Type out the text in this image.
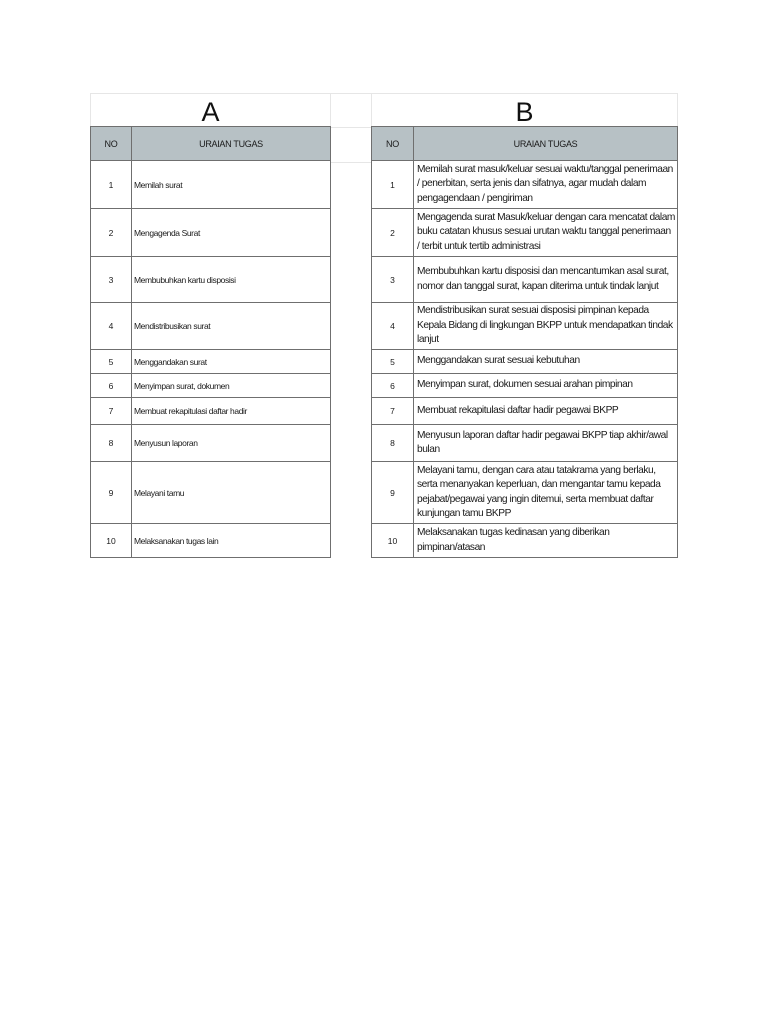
A
NO	URAIAN TUGAS
1	Memilah surat
2	Mengagenda Surat
3	Membubuhkan kartu disposisi
4	Mendistribusikan surat
5	Menggandakan surat
6	Menyimpan surat, dokumen
7	Membuat rekapitulasi daftar hadir
8	Menyusun laporan
9	Melayani tamu
10	Melaksanakan tugas lain
B
NO	URAIAN TUGAS
1	Memilah surat masuk/keluar sesuai waktu/tanggal penerimaan / penerbitan, serta jenis dan sifatnya, agar mudah dalam pengagendaan / pengiriman
2	Mengagenda surat Masuk/keluar dengan cara mencatat dalam buku catatan khusus sesuai urutan waktu tanggal penerimaan / terbit untuk tertib administrasi
3	Membubuhkan kartu disposisi dan mencantumkan asal surat, nomor dan tanggal surat, kapan diterima untuk tindak lanjut
4	Mendistribusikan surat sesuai disposisi pimpinan kepada Kepala Bidang di lingkungan BKPP untuk mendapatkan tindak lanjut
5	Menggandakan surat sesuai kebutuhan
6	Menyimpan surat, dokumen sesuai arahan pimpinan
7	Membuat rekapitulasi daftar hadir pegawai BKPP
8	Menyusun laporan daftar hadir pegawai BKPP tiap akhir/awal bulan
9	Melayani tamu, dengan cara atau tatakrama yang berlaku, serta menanyakan keperluan, dan mengantar tamu kepada pejabat/pegawai yang ingin ditemui, serta membuat daftar kunjungan tamu BKPP
10	Melaksanakan tugas kedinasan yang diberikan pimpinan/atasan
